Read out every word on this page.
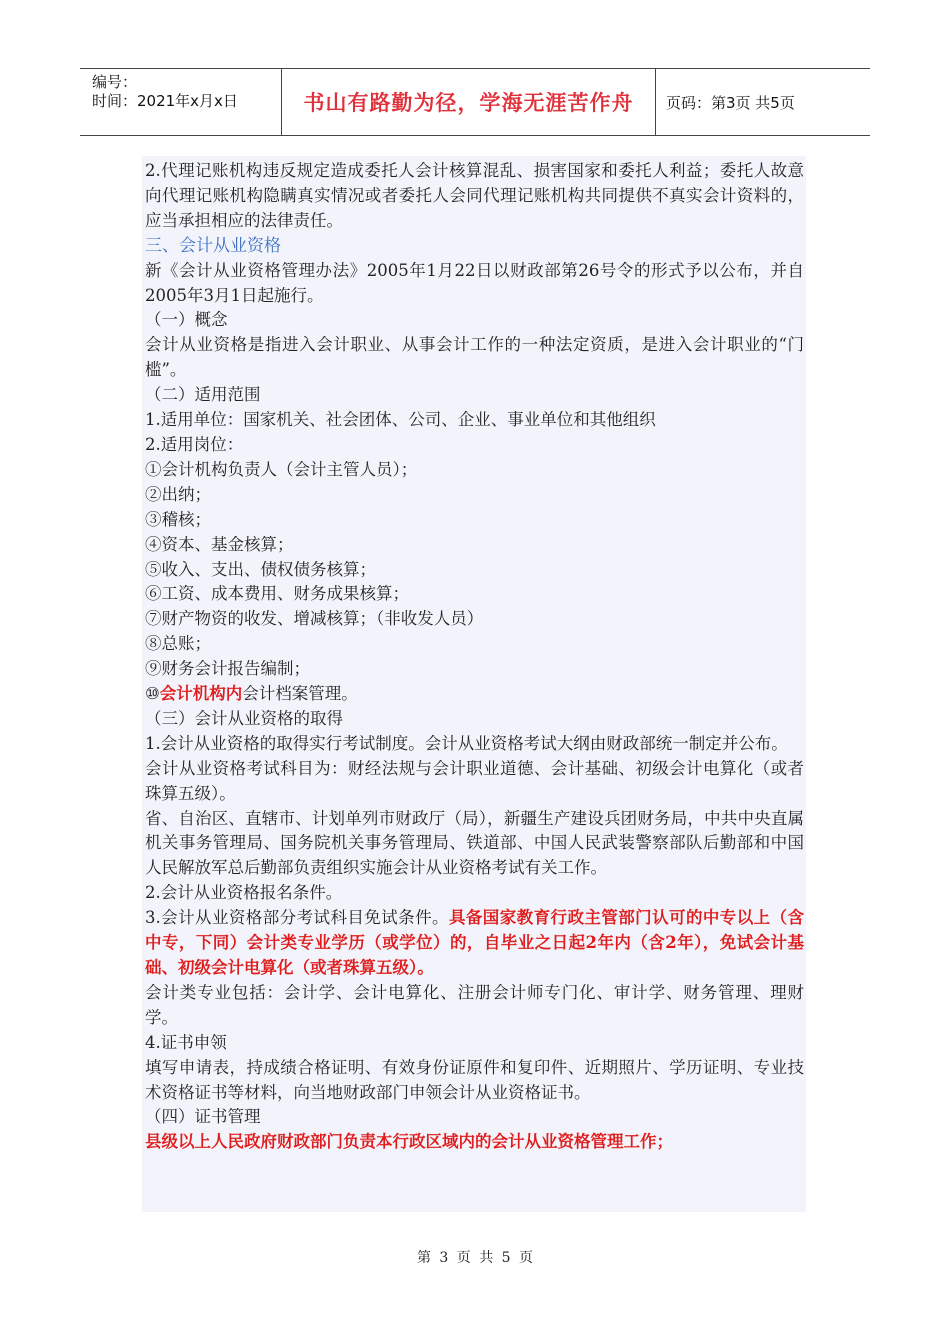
编号：
时间：2021年x月x日	书山有路勤为径，学海无涯苦作舟	页码：第3页 共5页

2.代理记账机构违反规定造成委托人会计核算混乱、损害国家和委托人利益；委托人故意向代理记账机构隐瞒真实情况或者委托人会同代理记账机构共同提供不真实会计资料的，应当承担相应的法律责任。

三、会计从业资格

新《会计从业资格管理办法》2005年1月22日以财政部第26号令的形式予以公布，并自2005年3月1日起施行。

（一）概念

会计从业资格是指进入会计职业、从事会计工作的一种法定资质，是进入会计职业的“门槛”。

（二）适用范围

1.适用单位：国家机关、社会团体、公司、企业、事业单位和其他组织

2.适用岗位：

①会计机构负责人（会计主管人员）；

②出纳；

③稽核；

④资本、基金核算；

⑤收入、支出、债权债务核算；

⑥工资、成本费用、财务成果核算；

⑦财产物资的收发、增减核算；（非收发人员）

⑧总账；

⑨财务会计报告编制；

⑩会计机构内会计档案管理。

（三）会计从业资格的取得

1.会计从业资格的取得实行考试制度。会计从业资格考试大纲由财政部统一制定并公布。

会计从业资格考试科目为：财经法规与会计职业道德、会计基础、初级会计电算化（或者珠算五级）。

省、自治区、直辖市、计划单列市财政厅（局），新疆生产建设兵团财务局，中共中央直属机关事务管理局、国务院机关事务管理局、铁道部、中国人民武装警察部队后勤部和中国人民解放军总后勤部负责组织实施会计从业资格考试有关工作。

2.会计从业资格报名条件。

3.会计从业资格部分考试科目免试条件。具备国家教育行政主管部门认可的中专以上（含中专，下同）会计类专业学历（或学位）的，自毕业之日起2年内（含2年），免试会计基础、初级会计电算化（或者珠算五级）。

会计类专业包括：会计学、会计电算化、注册会计师专门化、审计学、财务管理、理财学。

4.证书申领

填写申请表，持成绩合格证明、有效身份证原件和复印件、近期照片、学历证明、专业技术资格证书等材料，向当地财政部门申领会计从业资格证书。

（四）证书管理

县级以上人民政府财政部门负责本行政区域内的会计从业资格管理工作；

第 3 页 共 5 页
